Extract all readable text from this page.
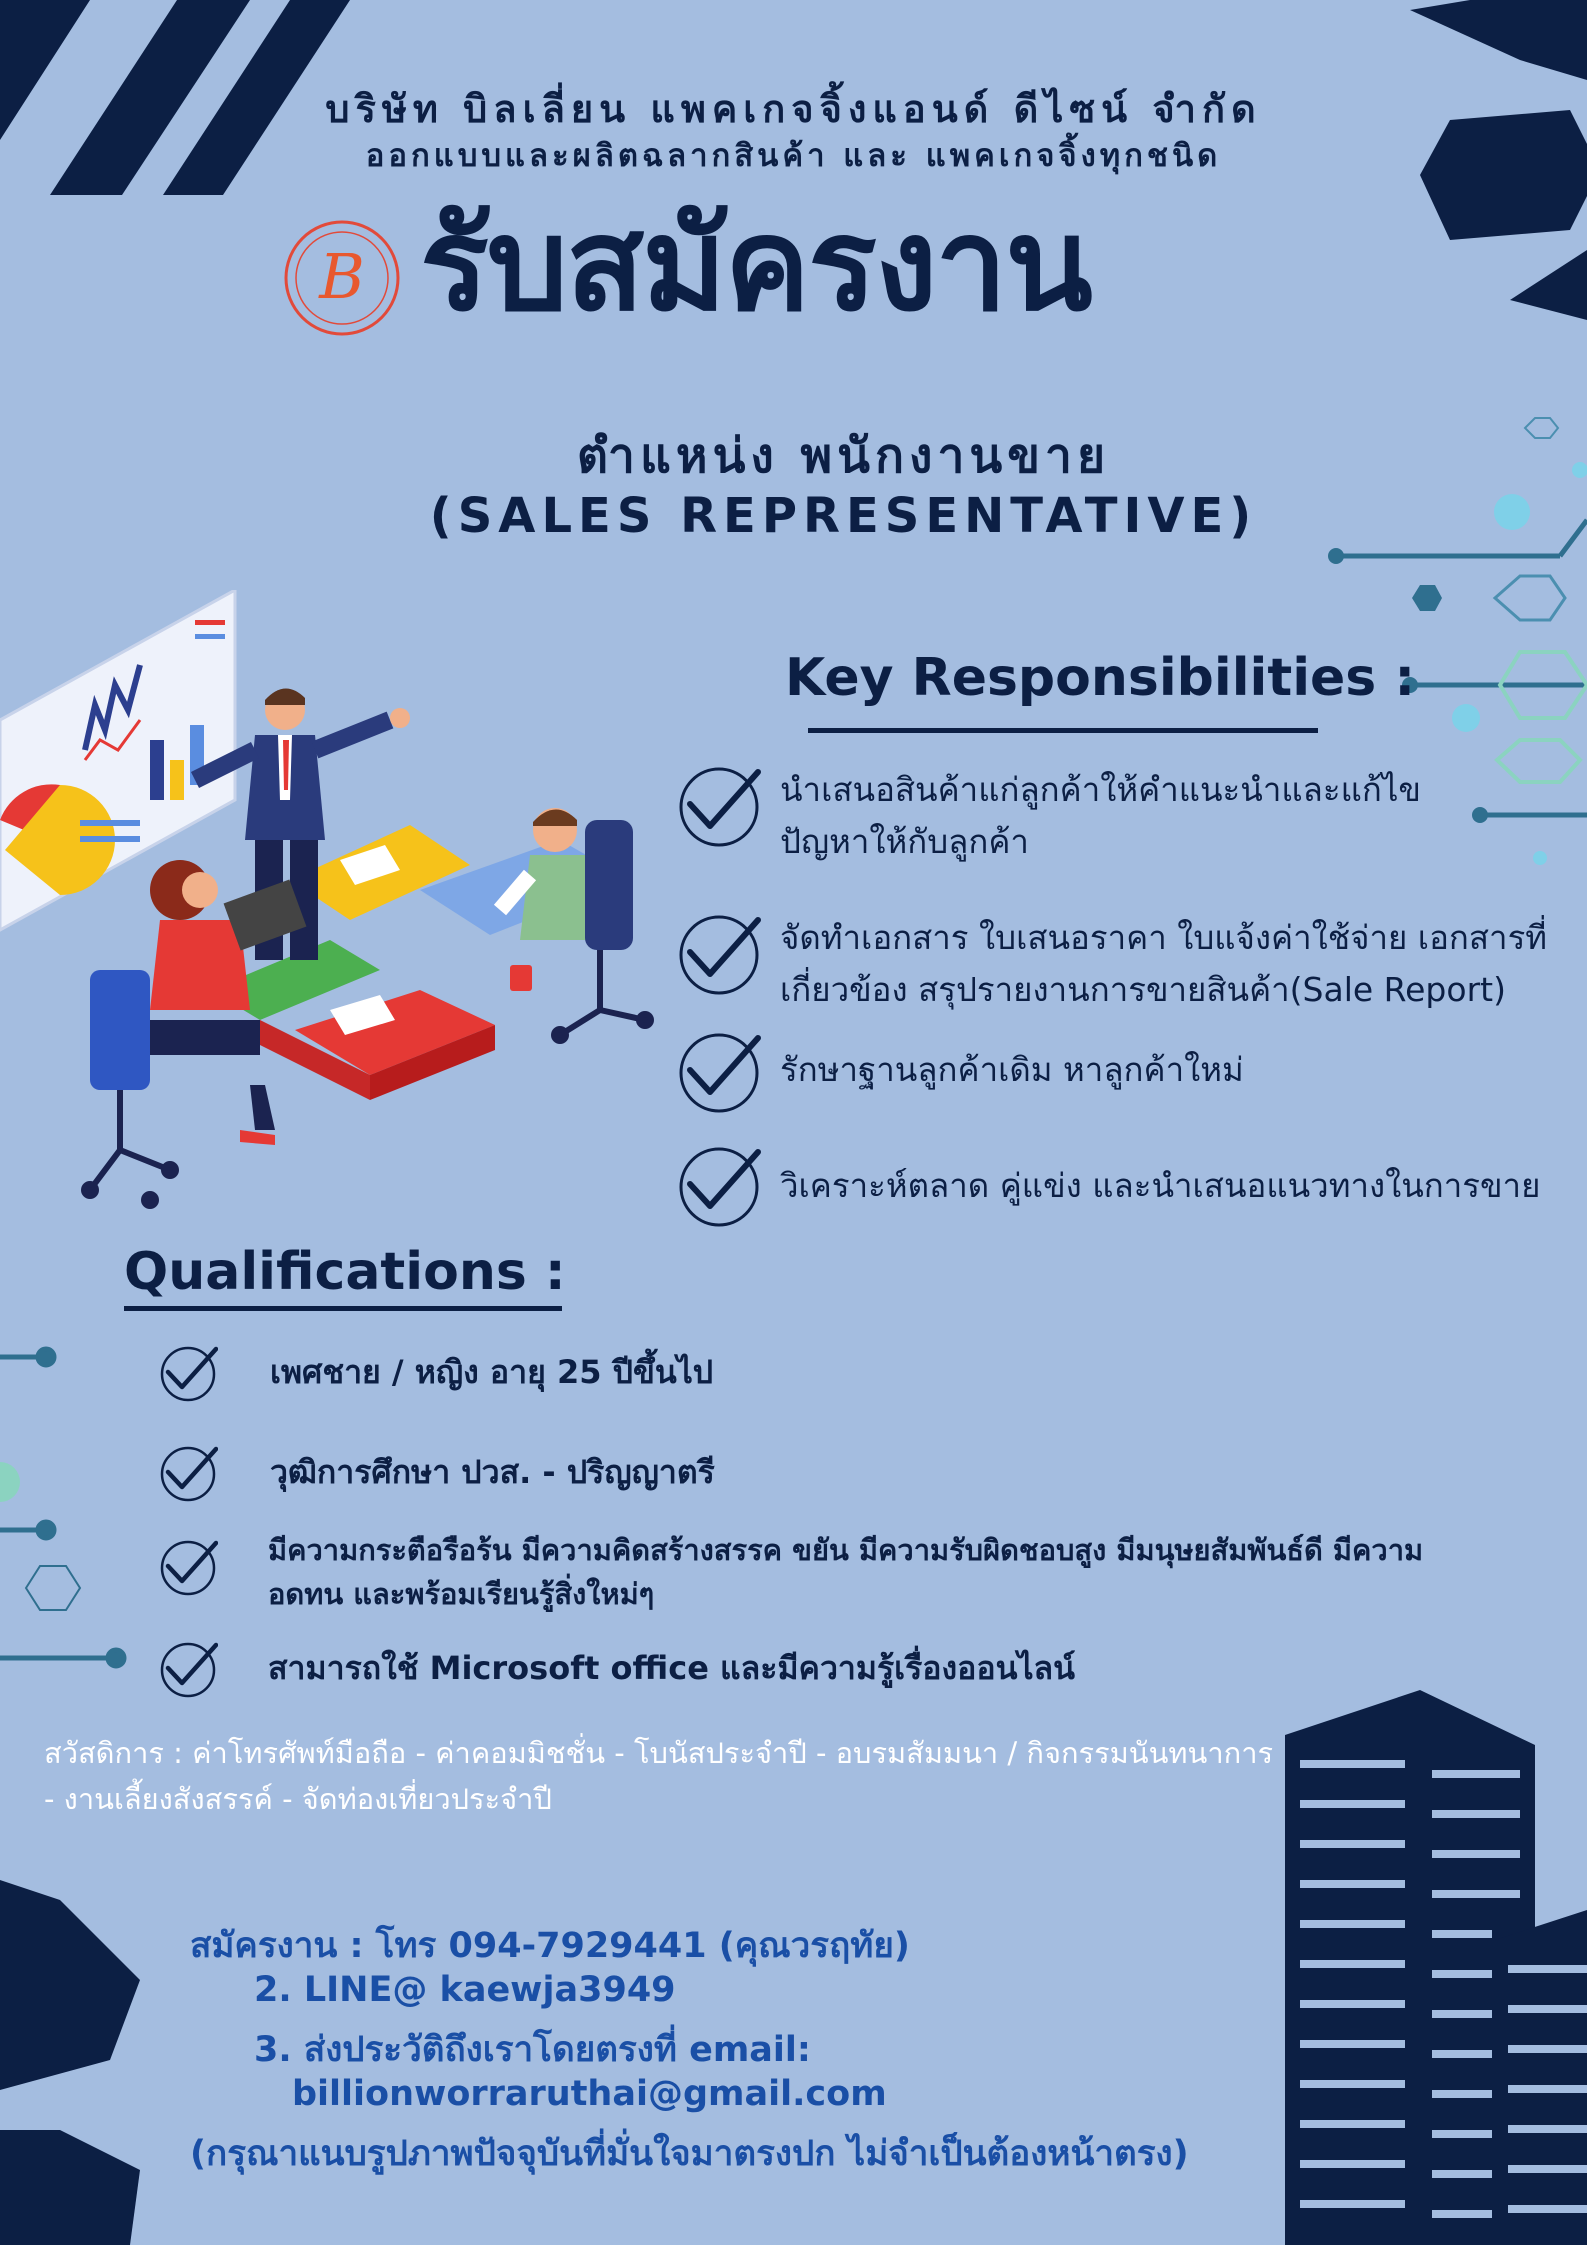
บริษัท บิลเลี่ยน แพคเกจจิ้งแอนด์ ดีไซน์ จำกัด
ออกแบบและผลิตฉลากสินค้า และ แพคเกจจิ้งทุกชนิด
B รับสมัครงาน
ตำแหน่ง พนักงานขาย
(SALES REPRESENTATIVE)
Key Responsibilities :
นำเสนอสินค้าแก่ลูกค้าให้คำแนะนำและแก้ไข ปัญหาให้กับลูกค้า
จัดทำเอกสาร ใบเสนอราคา ใบแจ้งค่าใช้จ่าย เอกสารที่เกี่ยวข้อง สรุปรายงานการขายสินค้า(Sale Report)
รักษาฐานลูกค้าเดิม หาลูกค้าใหม่
วิเคราะห์ตลาด คู่แข่ง และนำเสนอแนวทางในการขาย
Qualifications :
เพศชาย / หญิง อายุ 25 ปีขึ้นไป
วุฒิการศึกษา ปวส. - ปริญญาตรี
มีความกระตือรือร้น มีความคิดสร้างสรรค ขยัน มีความรับผิดชอบสูง มีมนุษยสัมพันธ์ดี มีความอดทน และพร้อมเรียนรู้สิ่งใหม่ๆ
สามารถใช้ Microsoft office และมีความรู้เรื่องออนไลน์
สวัสดิการ : ค่าโทรศัพท์มือถือ - ค่าคอมมิชชั่น - โบนัสประจำปี - อบรมสัมมนา / กิจกรรมนันทนาการ
- งานเลี้ยงสังสรรค์ - จัดท่องเที่ยวประจำปี
สมัครงาน : โทร 094-7929441 (คุณวรฤทัย)
2. LINE@ kaewja3949
3. ส่งประวัติถึงเราโดยตรงที่ email:
billionworraruthai@gmail.com
(กรุณาแนบรูปภาพปัจจุบันที่มั่นใจมาตรงปก ไม่จำเป็นต้องหน้าตรง)
